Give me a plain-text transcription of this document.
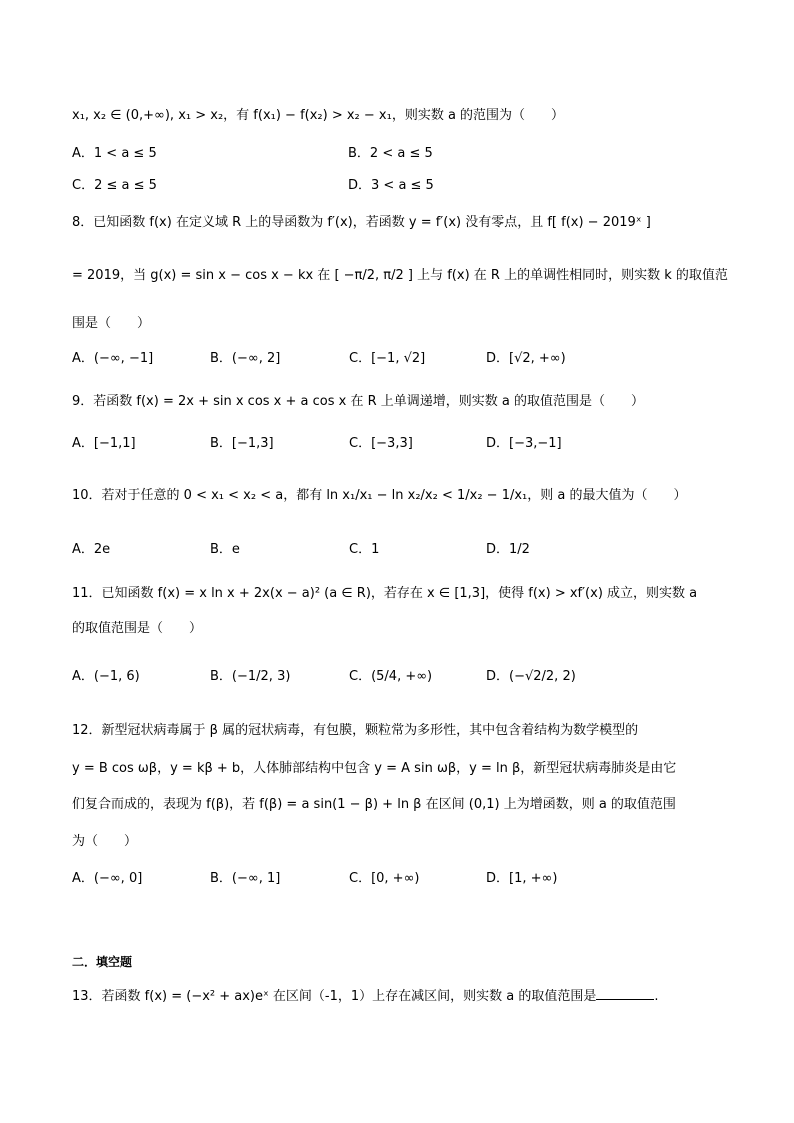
x₁, x₂ ∈ (0,+∞), x₁ > x₂，有 f(x₁) − f(x₂) > x₂ − x₁，则实数 a 的范围为（　　）
A．1 < a ≤ 5	B．2 < a ≤ 5
C．2 ≤ a ≤ 5	D．3 < a ≤ 5
8．已知函数 f(x) 在定义域 R 上的导函数为 f′(x)，若函数 y = f′(x) 没有零点，且 f[ f(x) − 2019ˣ ]
= 2019，当 g(x) = sin x − cos x − kx 在 [ −π/2, π/2 ] 上与 f(x) 在 R 上的单调性相同时，则实数 k 的取值范
围是（　　）
A．(−∞, −1]	B．(−∞, 2]	C．[−1, √2]	D．[√2, +∞)
9．若函数 f(x) = 2x + sin x cos x + a cos x 在 R 上单调递增，则实数 a 的取值范围是（　　）
A．[−1,1]	B．[−1,3]	C．[−3,3]	D．[−3,−1]
10．若对于任意的 0 < x₁ < x₂ < a，都有 ln x₁/x₁ − ln x₂/x₂ < 1/x₂ − 1/x₁，则 a 的最大值为（　　）
A．2e	B．e	C．1	D．1/2
11．已知函数 f(x) = x ln x + 2x(x − a)² (a ∈ R)，若存在 x ∈ [1,3]，使得 f(x) > xf′(x) 成立，则实数 a
的取值范围是（　　）
A．(−1, 6)	B．(−1/2, 3)	C．(5/4, +∞)	D．(−√2/2, 2)
12．新型冠状病毒属于 β 属的冠状病毒，有包膜，颗粒常为多形性，其中包含着结构为数学模型的
y = B cos ωβ，y = kβ + b，人体肺部结构中包含 y = A sin ωβ，y = ln β，新型冠状病毒肺炎是由它
们复合而成的，表现为 f(β)，若 f(β) = a sin(1 − β) + ln β 在区间 (0,1) 上为增函数，则 a 的取值范围
为（　　）
A．(−∞, 0]	B．(−∞, 1]	C．[0, +∞)	D．[1, +∞)
二．填空题
13．若函数 f(x) = (−x² + ax)eˣ 在区间（-1，1）上存在减区间，则实数 a 的取值范围是	.
